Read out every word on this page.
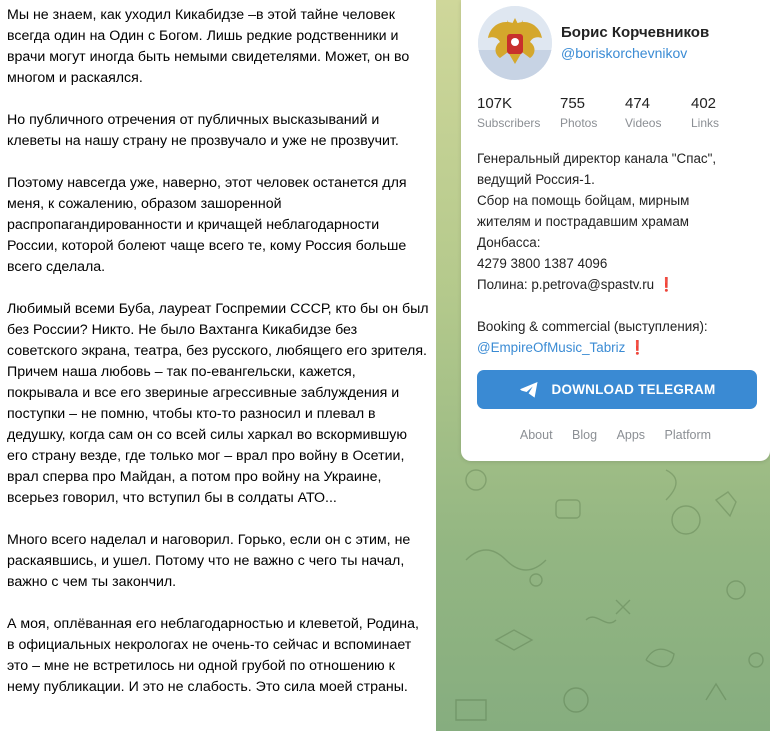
Мы не знаем, как уходил Кикабидзе –в этой тайне человек всегда один на Один с Богом. Лишь редкие родственники и врачи могут иногда быть немыми свидетелями. Может, он во многом и раскаялся.

Но публичного отречения от публичных высказываний и клеветы на нашу страну не прозвучало и уже не прозвучит.

Поэтому навсегда уже, наверно, этот человек останется для меня, к сожалению, образом зашоренной распропагандированности и кричащей неблагодарности России, которой болеют чаще всего те, кому Россия больше всего сделала.

Любимый всеми Буба, лауреат Госпремии СССР, кто бы он был без России? Никто. Не было Вахтанга Кикабидзе без советского экрана, театра, без русского, любящего его зрителя.

Причем наша любовь – так по-евангельски, кажется, покрывала и все его звериные агрессивные заблуждения и поступки – не помню, чтобы кто-то разносил и плевал в дедушку, когда сам он со всей силы харкал во вскормившую его страну везде, где только мог – врал про войну в Осетии, врал сперва про Майдан, а потом про войну на Украине, всерьез говорил, что вступил бы в солдаты АТО...

Много всего наделал и наговорил. Горько, если он с этим, не раскаявшись, и ушел. Потому что не важно с чего ты начал, важно с чем ты закончил.

А моя, оплёванная его неблагодарностью и клеветой, Родина, в официальных некрологах не очень-то сейчас и вспоминает это – мне не встретилось ни одной грубой по отношению к нему публикации. И это не слабость. Это сила моей страны.

Борис Корчевников
@boriskorchevnikov
107K
Subscribers
755
Photos
474
Videos
402
Links
Генеральный директор канала "Спас",
ведущий Россия-1.
Сбор на помощь бойцам, мирным
жителям и пострадавшим храмам
Донбасса:
4279 3800 1387 4096
Полина: p.petrova@spastv.ru ❗
Booking & commercial (выступления):
@EmpireOfMusic_Tabriz ❗
DOWNLOAD TELEGRAM
About Blog Apps Platform
